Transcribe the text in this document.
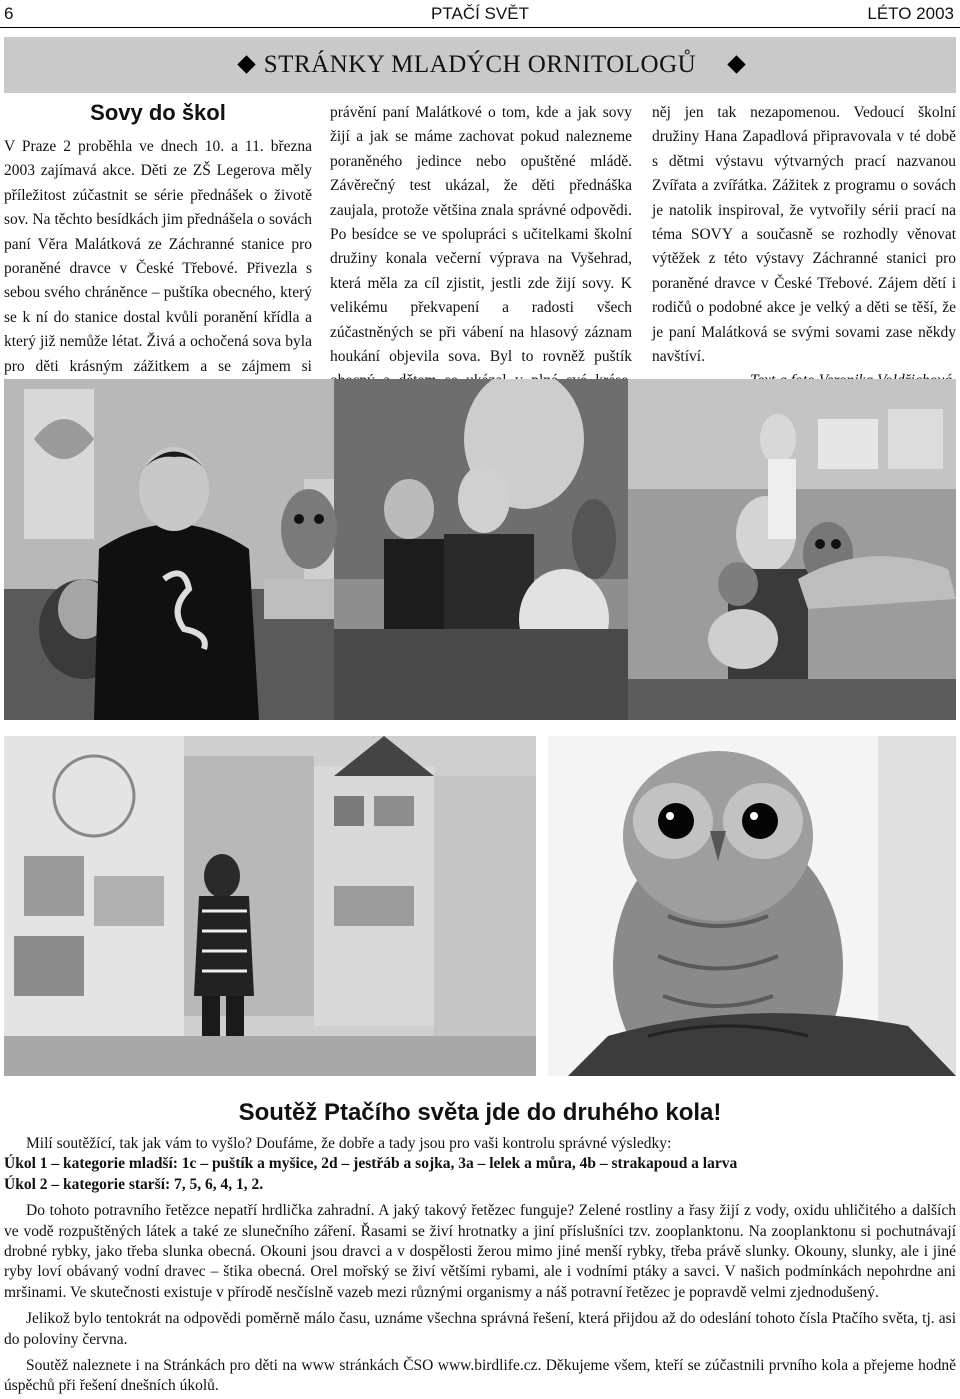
6	PTAČÍ SVĚT	LÉTO 2003
STRÁNKY MLADÝCH ORNITOLOGŮ
Sovy do škol

V Praze 2 proběhla ve dnech 10. a 11. března 2003 zajímavá akce. Děti ze ZŠ Legerova měly příležitost zúčastnit se série přednášek o životě sov. Na těchto besídkách jim přednášela o sovách paní Věra Malátková ze Záchranné stanice pro poraněné dravce v České Třebové. Přivezla s sebou svého chráněnce – puštíka obecného, který se k ní do stanice dostal kvůli poranění křídla a který již nemůže létat. Živá a ochočená sova byla pro děti krásným zážitkem a se zájmem si

právění paní Malátkové o tom, kde a jak sovy žijí a jak se máme zachovat pokud nalezneme poraněného jedince nebo opuštěné mládě. Závěrečný test ukázal, že děti přednáška zaujala, protože většina znala správné odpovědi. Po besídce se ve spolupráci s učitelkami školní družiny konala večerní výprava na Vyšehrad, která měla za cíl zjistit, jestli zde žijí sovy. K velikému překvapení a radosti všech zúčastněných se při vábení na hlasový záznam houkání objevila sova. Byl to rovněž puštík

něj jen tak nezapomenou. Vedoucí školní družiny Hana Zapadlová připravovala v té době s dětmi výstavu výtvarných prací nazvanou Zvířata a zvířátka. Zážitek z programu o sovách je natolik inspiroval, že vytvořily sérii prací na téma SOVY a současně se rozhodly věnovat výtěžek z této výstavy Záchranné stanici pro poraněné dravce v České Třebové. Zájem dětí i rodičů o podobné akce je velký a děti se těší, že je paní Malátková se svými sovami zase někdy navštíví.

Soutěž Ptačího světa jde do druhého kola!

Milí soutěžící, tak jak vám to vyšlo? Doufáme, že dobře a tady jsou pro vaši kontrolu správné výsledky:

Úkol 1 – kategorie mladší: 1c – puštík a myšice, 2d – jestřáb a sojka, 3a – lelek a můra, 4b – strakapoud a larva

Úkol 2 – kategorie starší: 7, 5, 6, 4, 1, 2.

Do tohoto potravního řetězce nepatří hrdlička zahradní. A jaký takový řetězec funguje? Zelené rostliny a řasy žijí z vody, oxidu uhličitého a dalších ve vodě rozpuštěných látek a také ze slunečního záření. Řasami se živí hrotnatky a jiní příslušníci tzv. zooplanktonu. Na zooplanktonu si pochutnávají drobné rybky, jako třeba slunka obecná. Okouni jsou dravci a v dospělosti žerou mimo jiné menší rybky, třeba právě slunky. Okouny, slunky, ale i jiné ryby loví obávaný vodní dravec – štika obecná. Orel mořský se živí většími rybami, ale i vodními ptáky a savci. V našich podmínkách nepohrdne ani mršinami. Ve skutečnosti existuje v přírodě nesčíslně vazeb mezi různými organismy a náš potravní řetězec je popravdě velmi zjednodušený.

Jelikož bylo tentokrát na odpovědi poměrně málo času, uznáme všechna správná řešení, která přijdou až do odeslání tohoto čísla Ptačího světa, tj. asi do poloviny června.

Soutěž naleznete i na Stránkách pro děti na www stránkách ČSO www.birdlife.cz. Děkujeme všem, kteří se zúčastnili prvního kola a přejeme hodně úspěchů při řešení dnešních úkolů.
